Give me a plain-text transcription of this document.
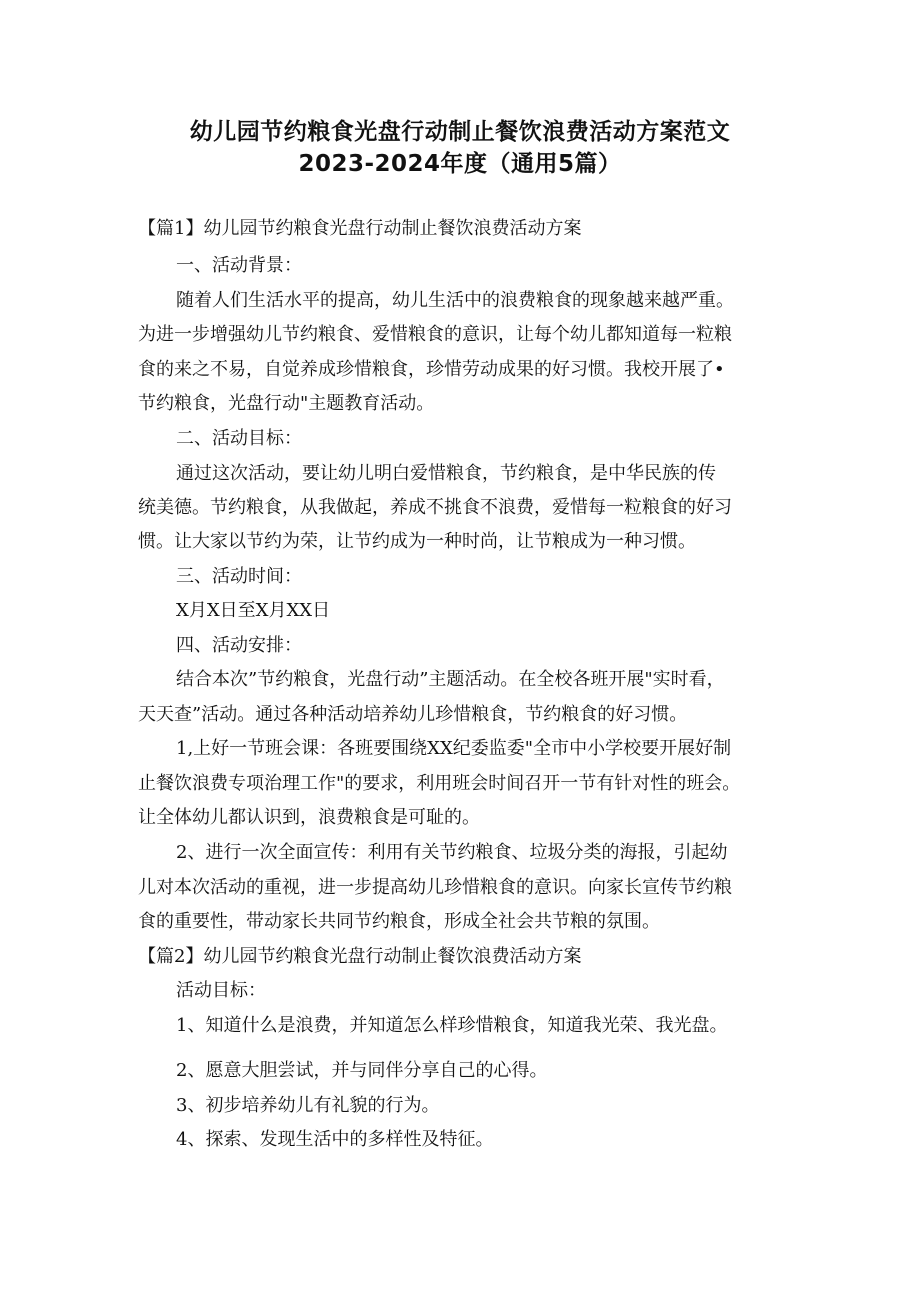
幼儿园节约粮食光盘行动制止餐饮浪费活动方案范文
2023-2024年度（通用5篇）
【篇1】幼儿园节约粮食光盘行动制止餐饮浪费活动方案
一、活动背景：
随着人们生活水平的提高，幼儿生活中的浪费粮食的现象越来越严重。
为进一步增强幼儿节约粮食、爱惜粮食的意识，让每个幼儿都知道每一粒粮
食的来之不易，自觉养成珍惜粮食，珍惜劳动成果的好习惯。我校开展了•
节约粮食，光盘行动"主题教育活动。
二、活动目标：
通过这次活动，要让幼儿明白爱惜粮食，节约粮食，是中华民族的传
统美德。节约粮食，从我做起，养成不挑食不浪费，爱惜每一粒粮食的好习
惯。让大家以节约为荣，让节约成为一种时尚，让节粮成为一种习惯。
三、活动时间：
X月X日至X月XX日
四、活动安排：
结合本次”节约粮食，光盘行动”主题活动。在全校各班开展"实时看，
天天查”活动。通过各种活动培养幼儿珍惜粮食，节约粮食的好习惯。
1,上好一节班会课：各班要围绕XX纪委监委"全市中小学校要开展好制
止餐饮浪费专项治理工作"的要求，利用班会时间召开一节有针对性的班会。
让全体幼儿都认识到，浪费粮食是可耻的。
2、进行一次全面宣传：利用有关节约粮食、垃圾分类的海报，引起幼
儿对本次活动的重视，进一步提高幼儿珍惜粮食的意识。向家长宣传节约粮
食的重要性，带动家长共同节约粮食，形成全社会共节粮的氛围。
【篇2】幼儿园节约粮食光盘行动制止餐饮浪费活动方案
活动目标：
1、知道什么是浪费，并知道怎么样珍惜粮食，知道我光荣、我光盘。
2、愿意大胆尝试，并与同伴分享自己的心得。
3、初步培养幼儿有礼貌的行为。
4、探索、发现生活中的多样性及特征。
